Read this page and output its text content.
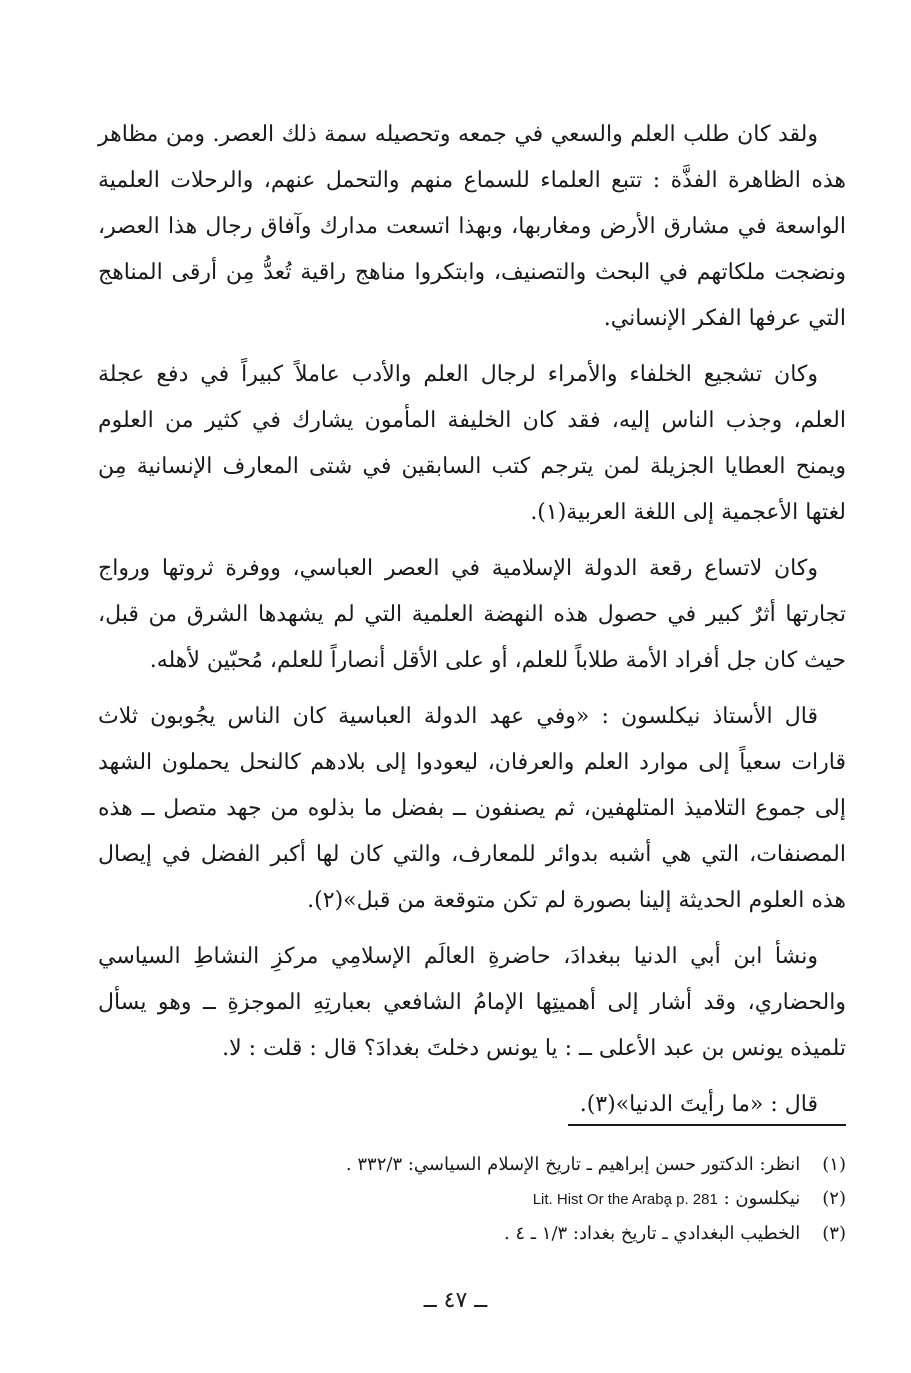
ولقد كان طلب العلم والسعي في جمعه وتحصيله سمة ذلك العصر. ومن مظاهر هذه الظاهرة الفذَّة : تتبع العلماء للسماع منهم والتحمل عنهم، والرحلات العلمية الواسعة في مشارق الأرض ومغاربها، وبهذا اتسعت مدارك وآفاق رجال هذا العصر، ونضجت ملكاتهم في البحث والتصنيف، وابتكروا مناهج راقية تُعدُّ مِن أرقى المناهج التي عرفها الفكر الإنساني.

وكان تشجيع الخلفاء والأمراء لرجال العلم والأدب عاملاً كبيراً في دفع عجلة العلم، وجذب الناس إليه، فقد كان الخليفة المأمون يشارك في كثير من العلوم ويمنح العطايا الجزيلة لمن يترجم كتب السابقين في شتى المعارف الإنسانية مِن لغتها الأعجمية إلى اللغة العربية(١).

وكان لاتساع رقعة الدولة الإسلامية في العصر العباسي، ووفرة ثروتها ورواج تجارتها أثرٌ كبير في حصول هذه النهضة العلمية التي لم يشهدها الشرق من قبل، حيث كان جل أفراد الأمة طلاباً للعلم، أو على الأقل أنصاراً للعلم، مُحبّين لأهله.

قال الأستاذ نيكلسون : «وفي عهد الدولة العباسية كان الناس يجُوبون ثلاث قارات سعياً إلى موارد العلم والعرفان، ليعودوا إلى بلادهم كالنحل يحملون الشهد إلى جموع التلاميذ المتلهفين، ثم يصنفون ــ بفضل ما بذلوه من جهد متصل ــ هذه المصنفات، التي هي أشبه بدوائر للمعارف، والتي كان لها أكبر الفضل في إيصال هذه العلوم الحديثة إلينا بصورة لم تكن متوقعة من قبل»(٢).

ونشأ ابن أبي الدنيا ببغدادَ، حاضرةِ العالَم الإسلامِي مركزِ النشاطِ السياسي والحضاري، وقد أشار إلى أهميتِها الإمامُ الشافعي بعبارتِهِ الموجزةِ ــ وهو يسأل تلميذه يونس بن عبد الأعلى ــ : يا يونس دخلتَ بغدادَ؟ قال : قلت : لا.

قال : «ما رأيتَ الدنيا»(٣).

(١) انظر: الدكتور حسن إبراهيم ـ تاريخ الإسلام السياسي: ٣٣٢/٣ .

(٢) نيكلسون : Lit. Hist Or the Araba̧ p. 281

(٣) الخطيب البغدادي ـ تاريخ بغداد: ١/٣ ـ ٤ .

ــ ٤٧ ــ
